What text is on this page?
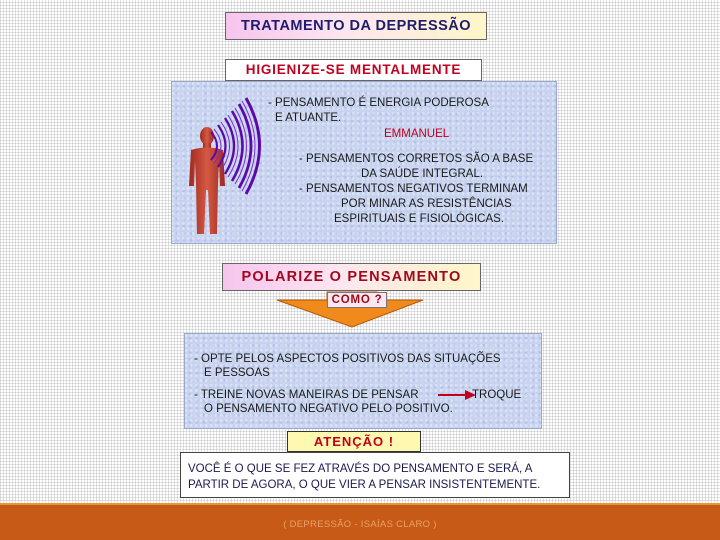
TRATAMENTO DA DEPRESSÃO
HIGIENIZE-SE MENTALMENTE
- PENSAMENTO É ENERGIA PODEROSA
E ATUANTE.
EMMANUEL
- PENSAMENTOS CORRETOS SÃO A BASE
DA SAÚDE INTEGRAL.
- PENSAMENTOS NEGATIVOS TERMINAM
POR MINAR AS RESISTÊNCIAS
ESPIRITUAIS E FISIOLÓGICAS.
POLARIZE O PENSAMENTO
COMO ?
- OPTE PELOS ASPECTOS POSITIVOS DAS SITUAÇÕES
E PESSOAS
- TREINE NOVAS MANEIRAS DE PENSAR	TROQUE
O PENSAMENTO NEGATIVO PELO POSITIVO.
ATENÇÃO !
VOCÊ É O QUE SE FEZ ATRAVÉS DO PENSAMENTO E SERÁ, A
PARTIR DE AGORA, O QUE VIER A PENSAR INSISTENTEMENTE.
( DEPRESSÃO - ISAÍAS CLARO )
